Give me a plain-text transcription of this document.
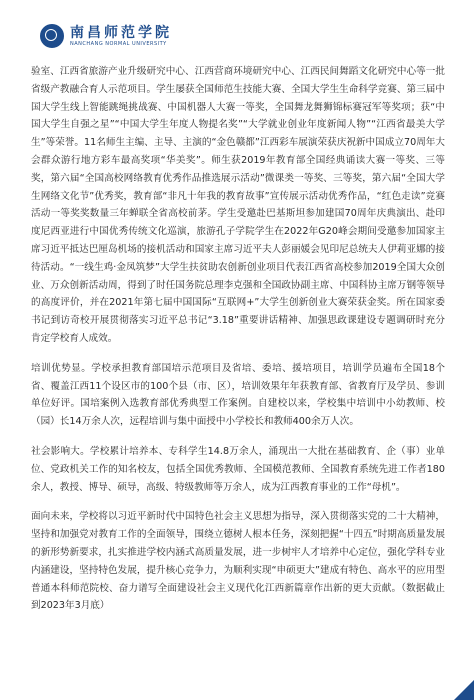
南昌师范学院
NANCHANG NORMAL UNIVERSITY

验室、江西省旅游产业升级研究中心、江西营商环境研究中心、江西民间舞蹈文化研究中心等一批省级产教融合育人示范项目。学生屡获全国师范生技能大赛、全国大学生生命科学竞赛、第三届中国大学生线上智能跳绳挑战赛、中国机器人大赛一等奖，全国舞龙舞狮锦标赛冠军等奖项；获“中国大学生自强之星”“中国大学生年度人物提名奖”“大学就业创业年度新闻人物”“江西省最美大学生”等荣誉。11名师生主编、主导、主演的“金色赣都”江西彩车展演荣获庆祝新中国成立70周年大会群众游行地方彩车最高奖项“华美奖”。师生获2019年教育部全国经典诵读大赛一等奖、三等奖，第六届“全国高校网络教育优秀作品推选展示活动”微课类一等奖、三等奖，第六届“全国大学生网络文化节”优秀奖，教育部“非凡十年我的教育故事”宣传展示活动优秀作品，“红色走读”竞赛活动一等奖奖数量三年蝉联全省高校前茅。学生受邀赴巴基斯坦参加建国70周年庆典演出、赴印度尼西亚进行中国优秀传统文化巡演，旅游孔子学院学生在2022年G20峰会期间受邀参加国家主席习近平抵达巴厘岛机场的接机活动和国家主席习近平夫人彭丽媛会见印尼总统夫人伊莉亚娜的接待活动。“一线生鸡·金凤筑梦”大学生扶贫助农创新创业项目代表江西省高校参加2019全国大众创业、万众创新活动周，得到了时任国务院总理李克强和全国政协副主席、中国科协主席万钢等领导的高度评价，并在2021年第七届中国国际“互联网+”大学生创新创业大赛荣获金奖。所在国家委书记到访奇校开展贯彻落实习近平总书记“3.18”重要讲话精神、加强思政课建设专题调研时充分肯定学校育人成效。

培训优势显。学校承担教育部国培示范项目及省培、委培、援培项目，培训学员遍布全国18个省、覆盖江西11个设区市的100个县（市、区），培训效果年年获教育部、省教育厅及学员、参训单位好评。国培案例入选教育部优秀典型工作案例。自建校以来，学校集中培训中小幼教师、校（园）长14万余人次，远程培训与集中面授中小学校长和教师400余万人次。

社会影响大。学校累计培养本、专科学生14.8万余人，涌现出一大批在基础教育、企（事）业单位、党政机关工作的知名校友，包括全国优秀教师、全国模范教师、全国教育系统先进工作者180余人，教授、博导、硕导，高级、特级教师等万余人，成为江西教育事业的工作“母机”。

面向未来，学校将以习近平新时代中国特色社会主义思想为指导，深入贯彻落实党的二十大精神，坚持和加强党对教育工作的全面领导，围绕立德树人根本任务，深刻把握“十四五”时期高质量发展的新形势新要求，扎实推进学校内涵式高质量发展，进一步树牢人才培养中心定位，强化学科专业内涵建设，坚持特色发展，提升核心竞争力，为顺利实现“申硕更大”建成有特色、高水平的应用型普通本科师范院校、奋力谱写全面建设社会主义现代化江西新篇章作出新的更大贡献。（数据截止到2023年3月底）
